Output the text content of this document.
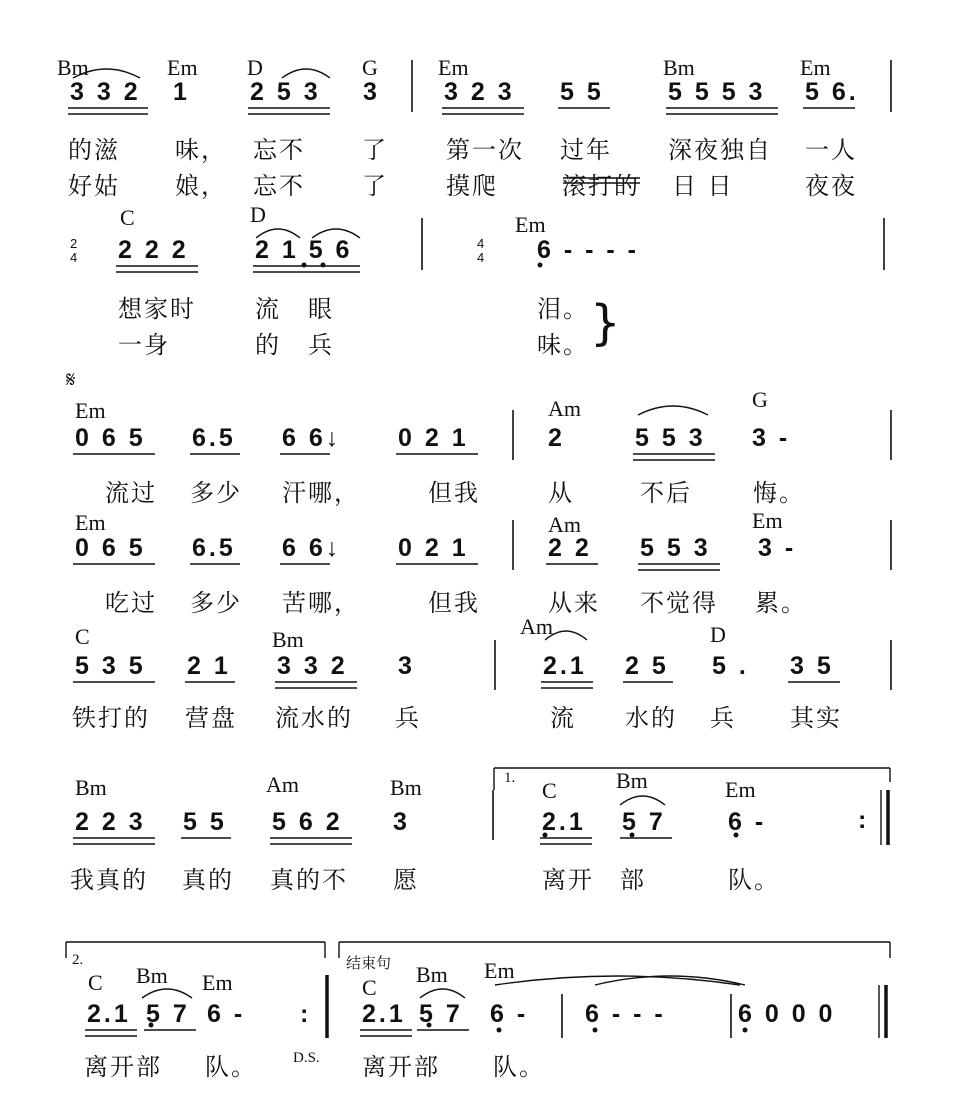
Bm	Em D	G	Em	Bm	Em
C	D	Em
Em	Am	G
Em	Am	Em
C	Bm
Am	D
Bm	Am	Bm	C	Bm	Em
C Bm Em	C
Bm Em
3 3 2 1 2 5 3 3	3 2 3 5 5	5 5 5 3 5 6.
2 2 2	2 1 5 6	6 - - - -
0 6 5 6.5 6 6↓ 0 2 1	2	5 5 3 3 -
0 6 5 6.5 6 6↓ 0 2 1	2 2 5 5 3 3 -
5 3 5 2 1 3 3 2 3	2.1 2 5 5 . 3 5
2 2 3 5 5 5 6 2 3	2.1 5 7 6 -
2.1 5 7 6 -	2.1 5 7 6 - 6 - - -	6 0 0 0
的滋 味， 忘不 了 第一次 过年 深夜独自 一人
好姑 娘， 忘不 了 摸爬	滚打的 日 日	夜夜
想家时 流 眼	泪。
一身	的 兵	味。
流过 多少 汗哪，	但我	从	不后	悔。
吃过 多少 苦哪，	但我	从来 不觉得 累。
铁打的 营盘 流水的 兵	流 水的 兵 其实
我真的 真的 真的不 愿	离开 部	队。
离开部 队。	离开部 队。
𝄋
}
1.
2.
D.S.
结束句
2
4
4
4
:
:
